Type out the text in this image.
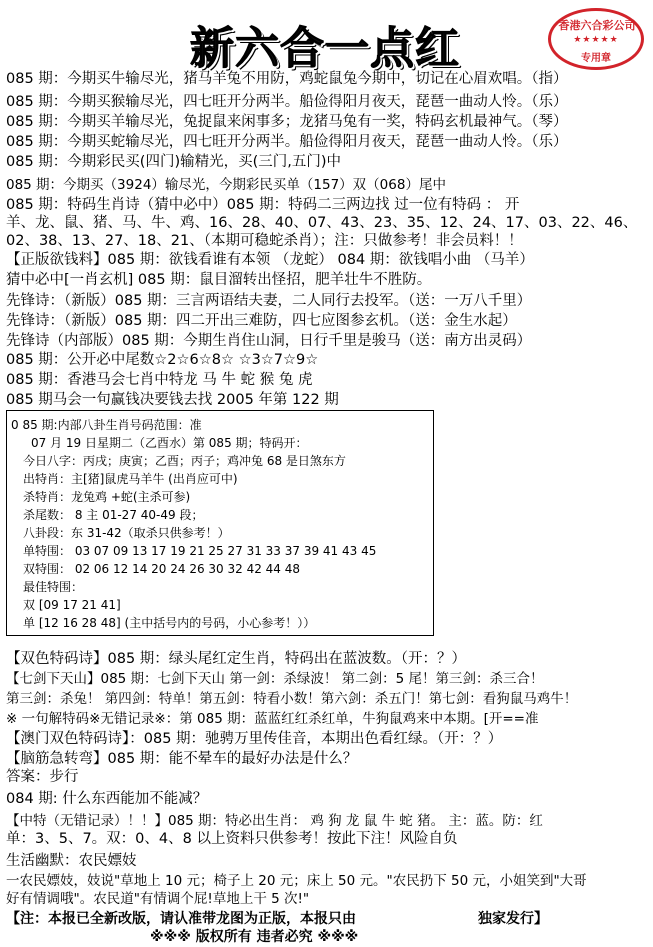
新六合一点红	香港六合彩公司
★★★★★
专用章
085 期：今期买牛输尽光，猪马羊兔不用防，鸡蛇鼠兔今期中，切记在心眉欢唱。（指）
085 期：今期买猴输尽光，四七旺开分两半。船俭得阳月夜天，琵琶一曲动人怜。（乐）
085 期：今期买羊输尽光，兔捉鼠来闲事多；龙猪马兔有一奖，特码玄机最神气。（琴）
085 期：今期买蛇输尽光，四七旺开分两半。船俭得阳月夜天，琵琶一曲动人怜。（乐）
085 期：今期彩民买(四门)输精光，买(三门,五门)中
085 期：今期买（3924）输尽光，今期彩民买单（157）双（068）尾中
085 期：特码生肖诗（猜中必中）085 期：特码二三两边找 过一位有特码 ： 开
羊、龙、鼠、猪、马、牛、鸡、16、28、40、07、43、23、35、12、24、17、03、22、46、
02、38、13、27、18、21、（本期可稳蛇杀肖）；注：只做参考！非会员料！！
【正版欲钱料】085 期：欲钱看谁有本领 （龙蛇） 084 期：欲钱唱小曲 （马羊）
猜中必中[一肖玄机] 085 期：鼠目溜转出怪招，肥羊壮牛不胜防。
先锋诗：（新版）085 期：三言两语结夫妻，二人同行去投军。（送：一万八千里）
先锋诗：（新版）085 期：四二开出三难防，四七应图参玄机。（送：金生水起）
先锋诗（内部版）085 期：今期生肖住山洞，日行千里是骏马（送：南方出灵码）
085 期：公开必中尾数☆2☆6☆8☆ ☆3☆7☆9☆
085 期：香港马会七肖中特龙 马 牛 蛇 猴 兔 虎
085 期马会一句赢钱决要钱去找 2005 年第 122 期
0 85 期:内部八卦生肖号码范围：准
07 月 19 日星期二（乙酉水）第 085 期；特码开：
今日八字：丙戌；庚寅；乙酉；丙子；鸡冲兔 68 是日煞东方
出特肖：主[猪]鼠虎马羊牛 (出肖应可中)
杀特肖：龙兔鸡 +蛇(主杀可参)
杀尾数： 8 主 01-27 40-49 段；
八卦段：东 31-42（取杀只供参考！）
单特围： 03 07 09 13 17 19 21 25 27 31 33 37 39 41 43 45
双特围： 02 06 12 14 20 24 26 30 32 42 44 48
最佳特围：
双 [09 17 21 41]
单 [12 16 28 48] (主中括号内的号码，小心参考！））
【双色特码诗】085 期：绿头尾红定生肖，特码出在蓝波数。（开：？）
【七剑下天山】085 期：七剑下天山 第一剑：杀绿波！ 第二剑：5 尾！第三剑：杀三合！
第三剑：杀兔！ 第四剑：特单！第五剑：特看小数！第六剑：杀五门！第七剑：看狗鼠马鸡牛！
※ 一句解特码※无错记录※：第 085 期：蓝蓝红红杀红单，牛狗鼠鸡来中本期。[开==准
【澳门双色特码诗】：085 期：驰骋万里传佳音，本期出色看红绿。（开：？）
【脑筋急转弯】085 期：能不晕车的最好办法是什么？
答案：步行
084 期: 什么东西能加不能减？
【中特（无错记录）！！】085 期：特必出生肖： 鸡 狗 龙 鼠 牛 蛇 猪。 主：蓝。防：红
单：3、5、7。双：0、4、8 以上资料只供参考！按此下注！风险自负
生活幽默：农民嫖妓
一农民嫖妓，妓说"草地上 10 元；椅子上 20 元；床上 50 元。"农民扔下 50 元，小姐笑到"大哥
好有情调哦"。农民道"有情调个屁!草地上干 5 次!"
【注：本报已全新改版，请认准带龙图为正版，本报只由	独家发行】
※※※ 版权所有 违者必究 ※※※
